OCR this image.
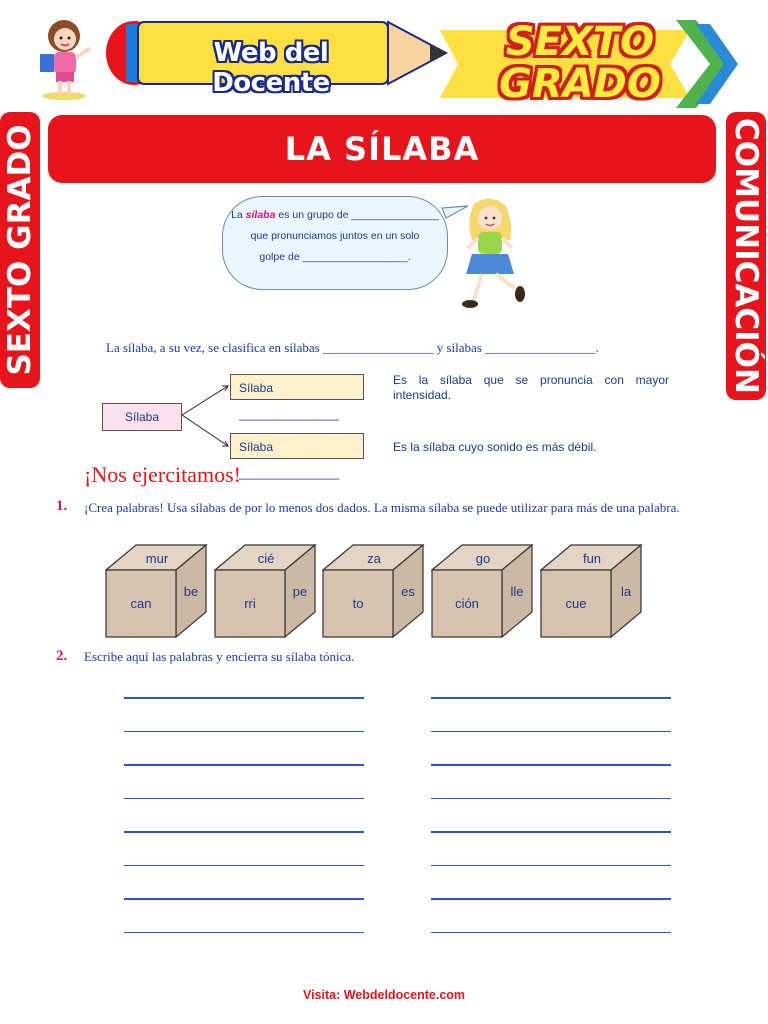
Web del Docente
SEXTO
GRADO
SEXTO GRADO	COMUNICACIÓN
LA SÍLABA
La sílaba es un grupo de _______________
que pronunciamos juntos en un solo
golpe de __________________.
La sílaba, a su vez, se clasifica en sílabas _________________ y sílabas _________________.
Sílaba
Sílaba _______________
Sílaba _______________
Es la sílaba que se pronuncia con mayor intensidad.
Es la sílaba cuyo sonido es más débil.
¡Nos ejercitamos!
1. ¡Crea palabras! Usa sílabas de por lo menos dos dados. La misma sílaba se puede utilizar para más de una palabra.
mur
can
be
cié
rri
pe
za
to
es
go
ción
lle
fun
cue
la
2. Escribe aquí las palabras y encierra su sílaba tónica.
Visita: Webdeldocente.com
